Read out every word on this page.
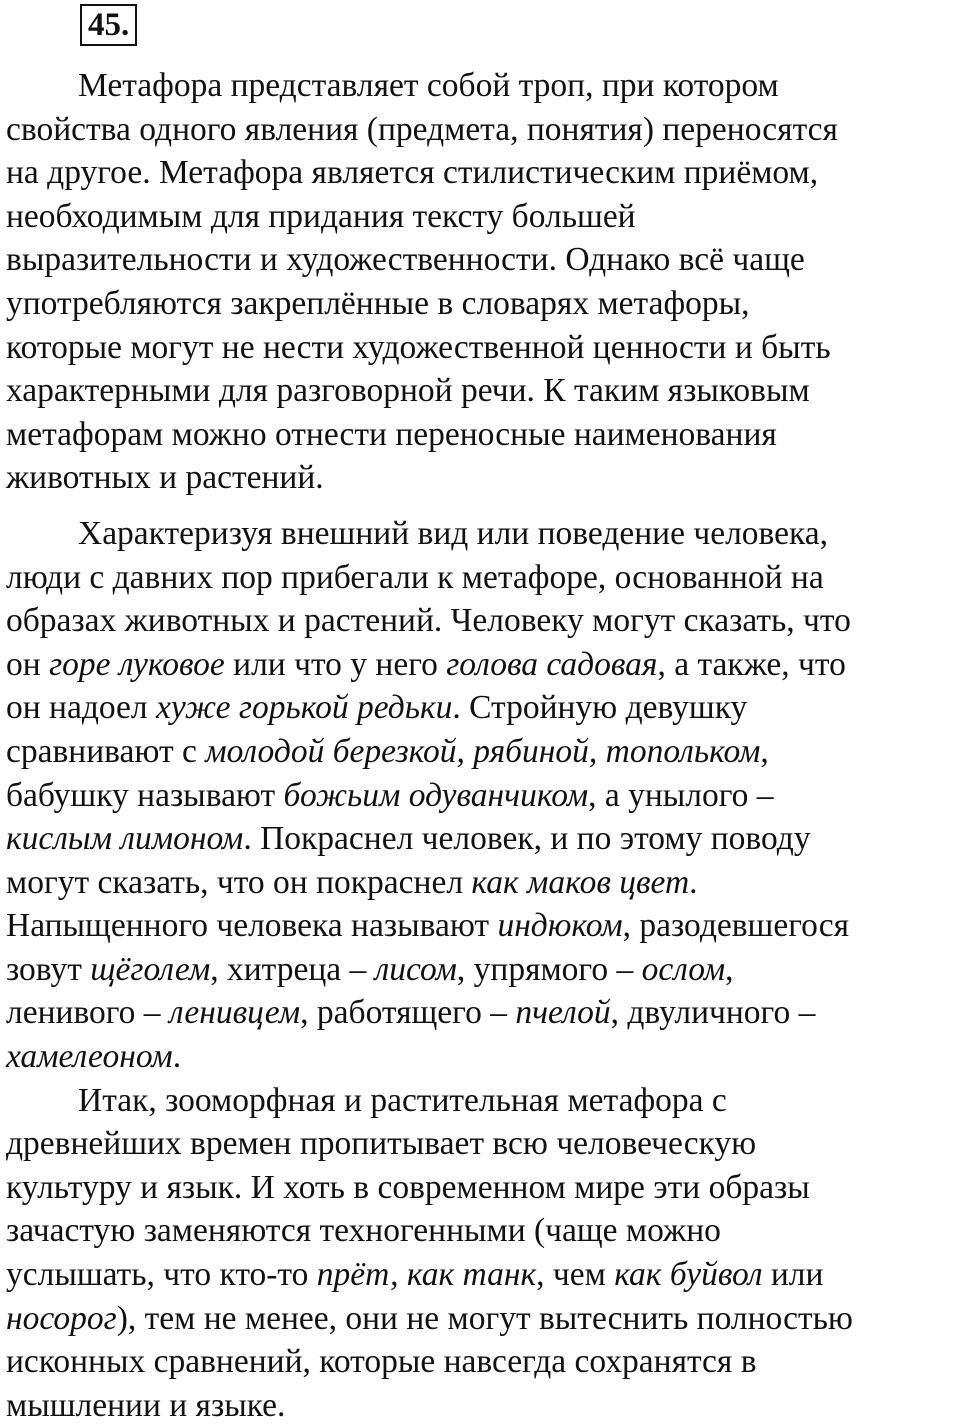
45.
Метафора представляет собой троп, при котором
свойства одного явления (предмета, понятия) переносятся
на другое. Метафора является стилистическим приёмом,
необходимым для придания тексту большей
выразительности и художественности. Однако всё чаще
употребляются закреплённые в словарях метафоры,
которые могут не нести художественной ценности и быть
характерными для разговорной речи. К таким языковым
метафорам можно отнести переносные наименования
животных и растений.
Характеризуя внешний вид или поведение человека,
люди с давних пор прибегали к метафоре, основанной на
образах животных и растений. Человеку могут сказать, что
он горе луковое или что у него голова садовая, а также, что
он надоел хуже горькой редьки. Стройную девушку
сравнивают с молодой березкой, рябиной, топольком,
бабушку называют божьим одуванчиком, а унылого –
кислым лимоном. Покраснел человек, и по этому поводу
могут сказать, что он покраснел как маков цвет.
Напыщенного человека называют индюком, разодевшегося
зовут щёголем, хитреца – лисом, упрямого – ослом,
ленивого – ленивцем, работящего – пчелой, двуличного –
хамелеоном.
Итак, зооморфная и растительная метафора с
древнейших времен пропитывает всю человеческую
культуру и язык. И хоть в современном мире эти образы
зачастую заменяются техногенными (чаще можно
услышать, что кто-то прёт, как танк, чем как буйвол или
носорог), тем не менее, они не могут вытеснить полностью
исконных сравнений, которые навсегда сохранятся в
мышлении и языке.
